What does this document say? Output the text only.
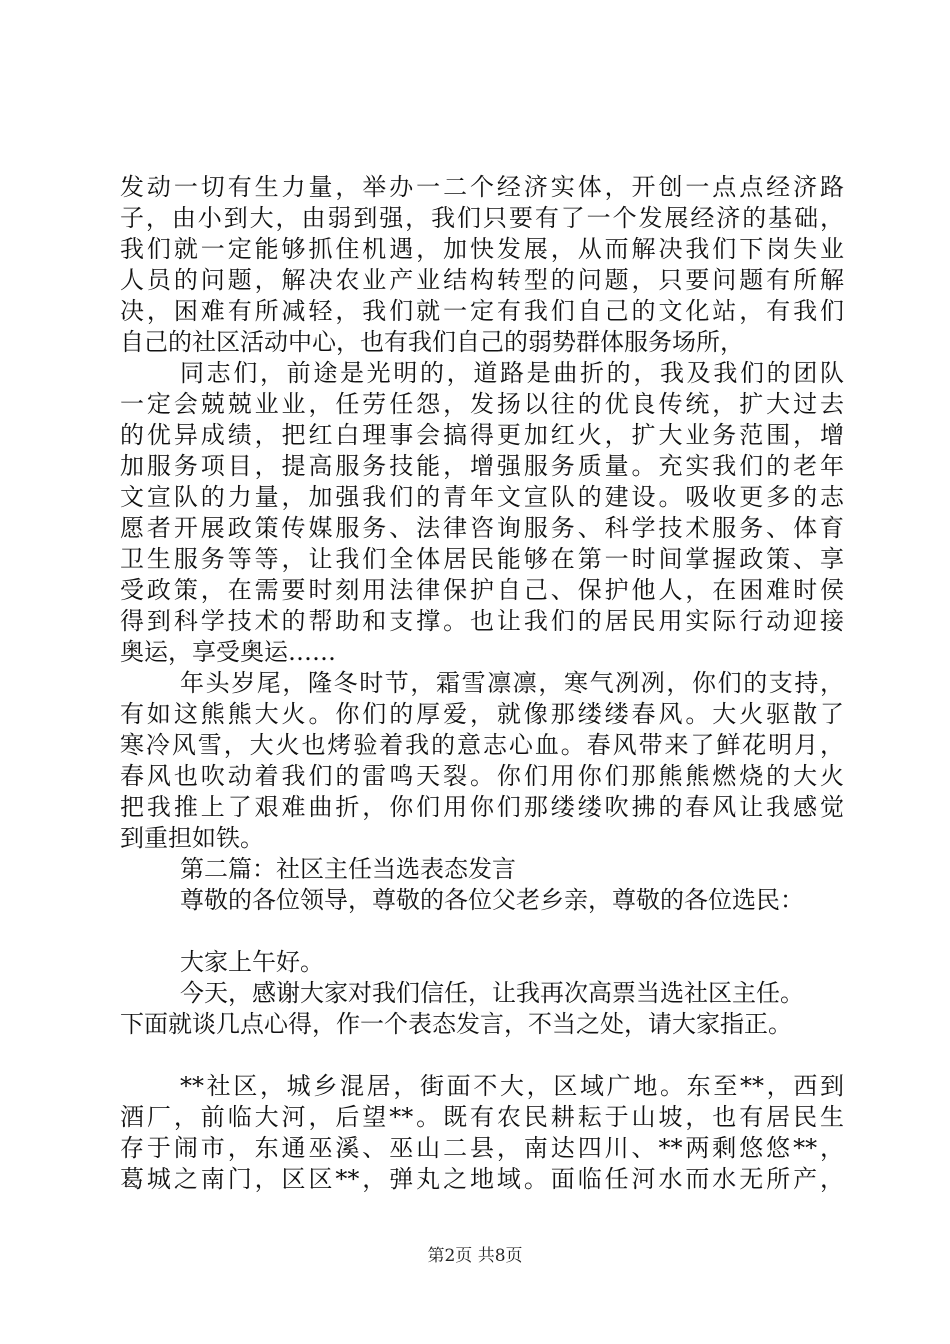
发动一切有生力量，举办一二个经济实体，开创一点点经济路
子，由小到大，由弱到强，我们只要有了一个发展经济的基础，
我们就一定能够抓住机遇，加快发展，从而解决我们下岗失业
人员的问题，解决农业产业结构转型的问题，只要问题有所解
决，困难有所减轻，我们就一定有我们自己的文化站，有我们
自己的社区活动中心，也有我们自己的弱势群体服务场所，
同志们，前途是光明的，道路是曲折的，我及我们的团队
一定会兢兢业业，任劳任怨，发扬以往的优良传统，扩大过去
的优异成绩，把红白理事会搞得更加红火，扩大业务范围，增
加服务项目，提高服务技能，增强服务质量。充实我们的老年
文宣队的力量，加强我们的青年文宣队的建设。吸收更多的志
愿者开展政策传媒服务、法律咨询服务、科学技术服务、体育
卫生服务等等，让我们全体居民能够在第一时间掌握政策、享
受政策，在需要时刻用法律保护自己、保护他人，在困难时侯
得到科学技术的帮助和支撑。也让我们的居民用实际行动迎接
奥运，享受奥运……
年头岁尾，隆冬时节，霜雪凛凛，寒气冽冽，你们的支持，
有如这熊熊大火。你们的厚爱，就像那缕缕春风。大火驱散了
寒冷风雪，大火也烤验着我的意志心血。春风带来了鲜花明月，
春风也吹动着我们的雷鸣天裂。你们用你们那熊熊燃烧的大火
把我推上了艰难曲折，你们用你们那缕缕吹拂的春风让我感觉
到重担如铁。
第二篇：社区主任当选表态发言
尊敬的各位领导，尊敬的各位父老乡亲，尊敬的各位选民：
大家上午好。
今天，感谢大家对我们信任，让我再次高票当选社区主任。
下面就谈几点心得，作一个表态发言，不当之处，请大家指正。
**社区，城乡混居，街面不大，区域广地。东至**，西到
酒厂，前临大河，后望**。既有农民耕耘于山坡，也有居民生
存于闹市，东通巫溪、巫山二县，南达四川、**两剩悠悠**，
葛城之南门，区区**，弹丸之地域。面临任河水而水无所产，
第2页 共8页
